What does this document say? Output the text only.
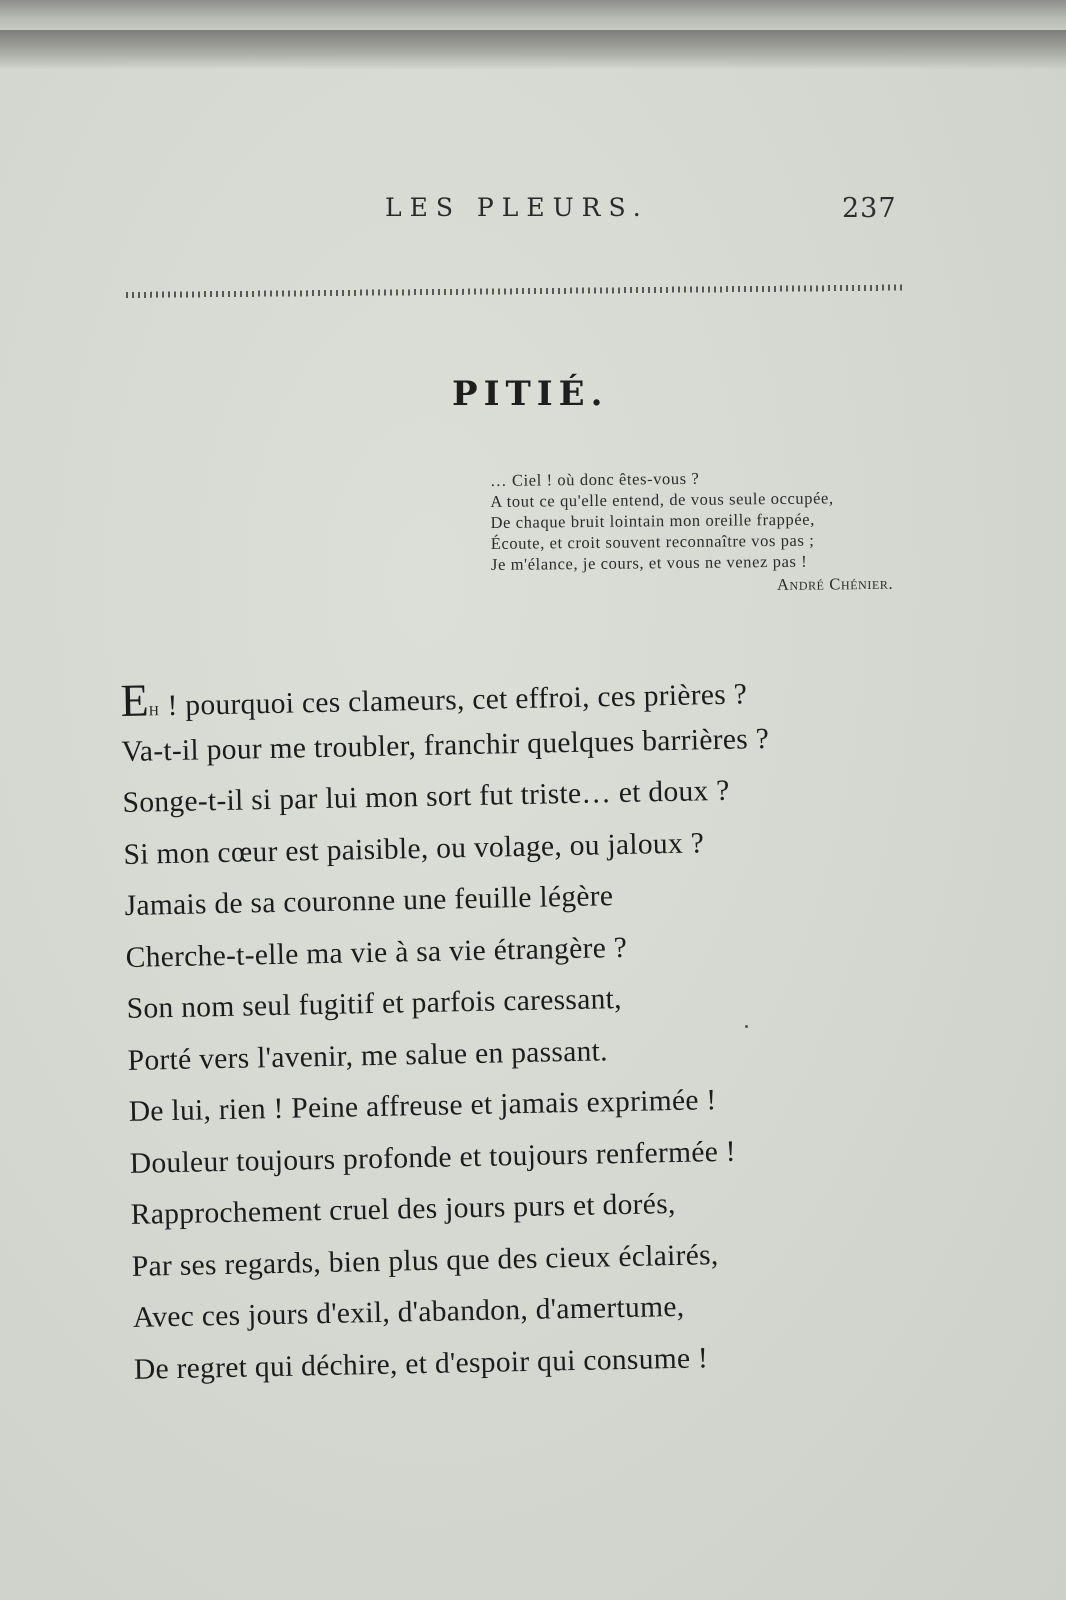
LES PLEURS.	237
PITIÉ.
… Ciel ! où donc êtes-vous ?
A tout ce qu'elle entend, de vous seule occupée,
De chaque bruit lointain mon oreille frappée,
Écoute, et croit souvent reconnaître vos pas ;
Je m'élance, je cours, et vous ne venez pas !
André Chénier.
Eh ! pourquoi ces clameurs, cet effroi, ces prières ?
Va-t-il pour me troubler, franchir quelques barrières ?
Songe-t-il si par lui mon sort fut triste… et doux ?
Si mon cœur est paisible, ou volage, ou jaloux ?
Jamais de sa couronne une feuille légère
Cherche-t-elle ma vie à sa vie étrangère ?
Son nom seul fugitif et parfois caressant,
Porté vers l'avenir, me salue en passant.
De lui, rien ! Peine affreuse et jamais exprimée !
Douleur toujours profonde et toujours renfermée !
Rapprochement cruel des jours purs et dorés,
Par ses regards, bien plus que des cieux éclairés,
Avec ces jours d'exil, d'abandon, d'amertume,
De regret qui déchire, et d'espoir qui consume !
